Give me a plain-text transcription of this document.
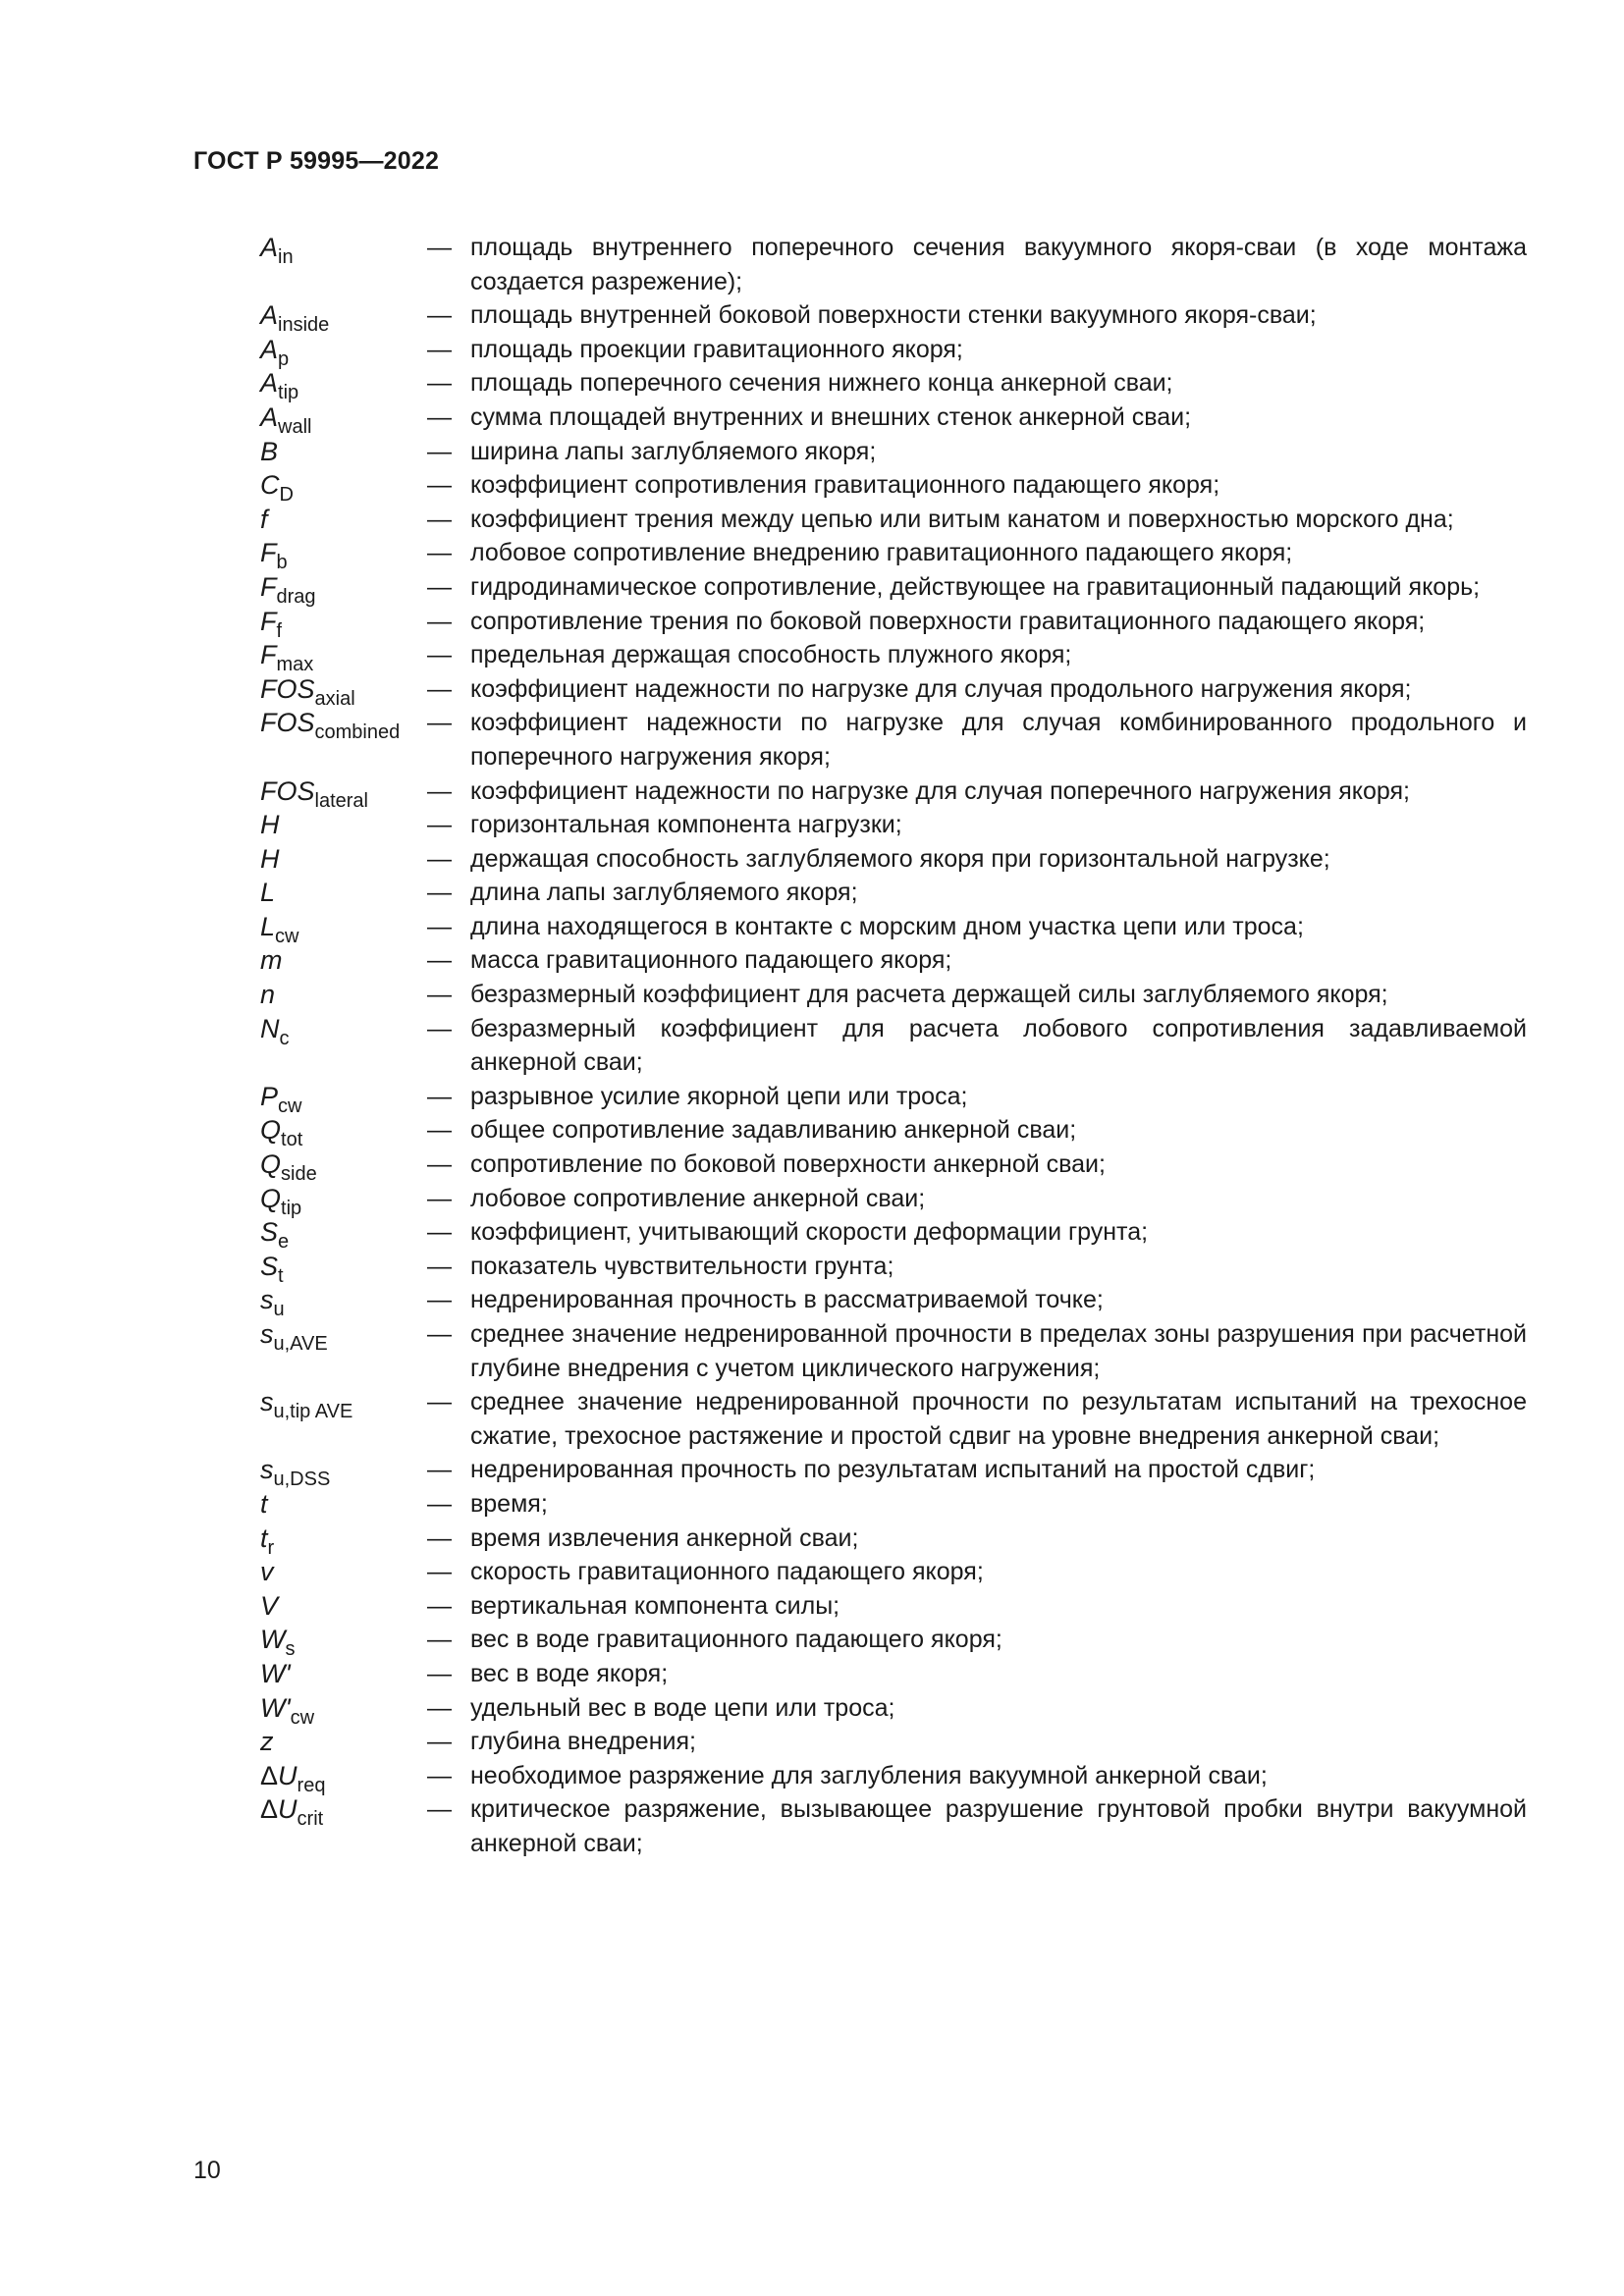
ГОСТ Р 59995—2022
$A_{in}$	— площадь внутреннего поперечного сечения вакуумного якоря-сваи (в ходе монтажа создается разрежение);
$A_{inside}$	— площадь внутренней боковой поверхности стенки вакуумного якоря-сваи;
$A_p$	— площадь проекции гравитационного якоря;
$A_{tip}$	— площадь поперечного сечения нижнего конца анкерной сваи;
$A_{wall}$	— сумма площадей внутренних и внешних стенок анкерной сваи;
B	— ширина лапы заглубляемого якоря;
$C_D$	— коэффициент сопротивления гравитационного падающего якоря;
f	— коэффициент трения между цепью или витым канатом и поверхностью морского дна;
$F_b$	— лобовое сопротивление внедрению гравитационного падающего якоря;
$F_{drag}$	— гидродинамическое сопротивление, действующее на гравитационный падающий якорь;
$F_f$	— сопротивление трения по боковой поверхности гравитационного падающего якоря;
$F_{max}$	— предельная держащая способность плужного якоря;
$FOS_{axial}$	— коэффициент надежности по нагрузке для случая продольного нагружения якоря;
$FOS_{combined}$	— коэффициент надежности по нагрузке для случая комбинированного продольного и поперечного нагружения якоря;
$FOS_{lateral}$	— коэффициент надежности по нагрузке для случая поперечного нагружения якоря;
H	— горизонтальная компонента нагрузки;
H	— держащая способность заглубляемого якоря при горизонтальной нагрузке;
L	— длина лапы заглубляемого якоря;
$L_{cw}$	— длина находящегося в контакте с морским дном участка цепи или троса;
m	— масса гравитационного падающего якоря;
n	— безразмерный коэффициент для расчета держащей силы заглубляемого якоря;
$N_c$	— безразмерный коэффициент для расчета лобового сопротивления задавливаемой анкерной сваи;
$P_{cw}$	— разрывное усилие якорной цепи или троса;
$Q_{tot}$	— общее сопротивление задавливанию анкерной сваи;
$Q_{side}$	— сопротивление по боковой поверхности анкерной сваи;
$Q_{tip}$	— лобовое сопротивление анкерной сваи;
$S_e$	— коэффициент, учитывающий скорости деформации грунта;
$S_t$	— показатель чувствительности грунта;
$s_u$	— недренированная прочность в рассматриваемой точке;
$s_{u,AVE}$	— среднее значение недренированной прочности в пределах зоны разрушения при расчетной глубине внедрения с учетом циклического нагружения;
$s_{u,tip AVE}$	— среднее значение недренированной прочности по результатам испытаний на трехосное сжатие, трехосное растяжение и простой сдвиг на уровне внедрения анкерной сваи;
$s_{u,DSS}$	— недренированная прочность по результатам испытаний на простой сдвиг;
t	— время;
$t_r$	— время извлечения анкерной сваи;
v	— скорость гравитационного падающего якоря;
V	— вертикальная компонента силы;
$W_s$	— вес в воде гравитационного падающего якоря;
W'	— вес в воде якоря;
$W'_{cw}$	— удельный вес в воде цепи или троса;
z	— глубина внедрения;
$\Delta U_{req}$	— необходимое разряжение для заглубления вакуумной анкерной сваи;
$\Delta U_{crit}$	— критическое разряжение, вызывающее разрушение грунтовой пробки внутри вакуумной анкерной сваи;
10
